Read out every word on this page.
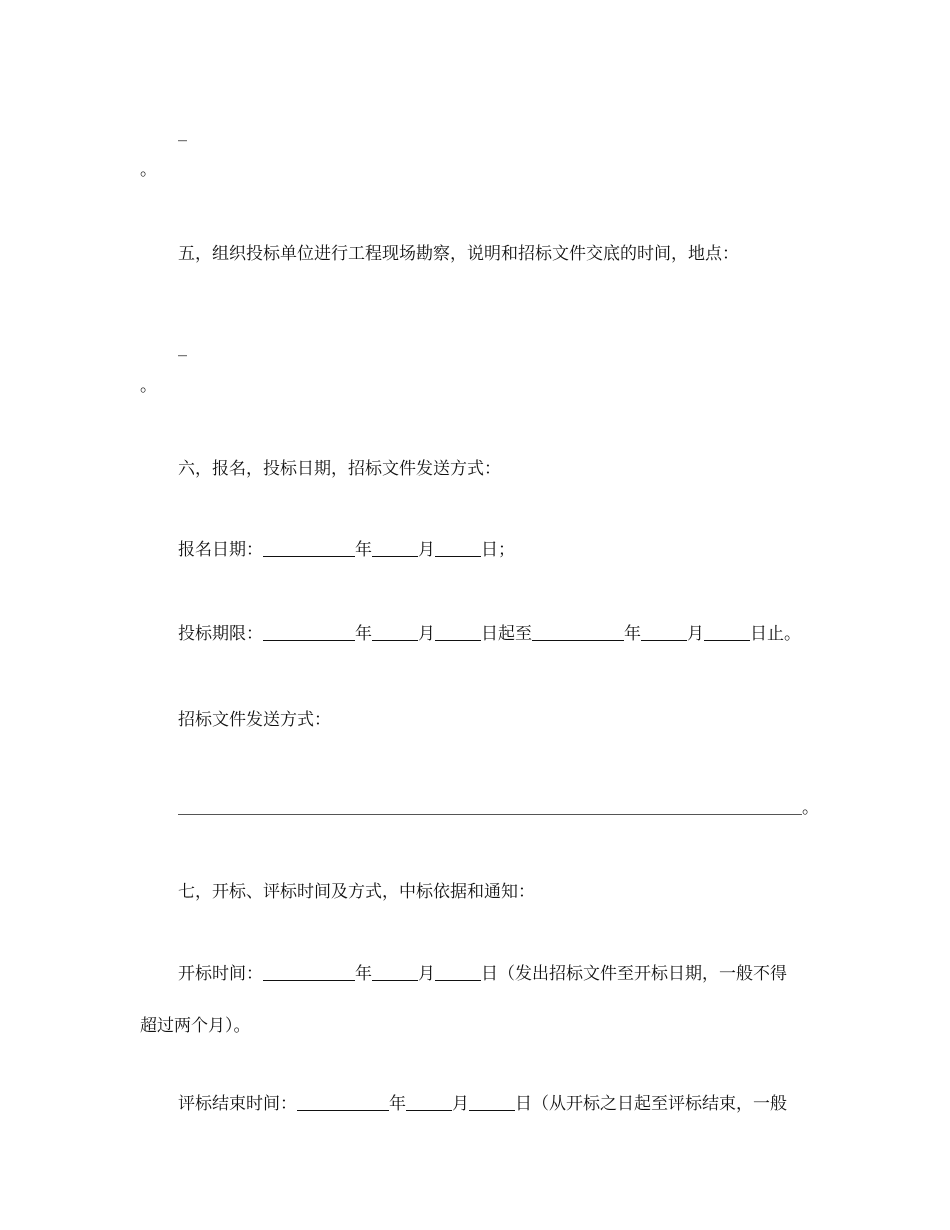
_
。
五，组织投标单位进行工程现场勘察，说明和招标文件交底的时间，地点：
_
。
六，报名，投标日期，招标文件发送方式：
报名日期：	年	月	日；
投标期限：	年	月	日起至	年	月	日止。
招标文件发送方式：
。
七，开标、评标时间及方式，中标依据和通知：
开标时间：	年	月	日（发出招标文件至开标日期，一般不得
超过两个月）。
评标结束时间：	年	月	日（从开标之日起至评标结束，一般
